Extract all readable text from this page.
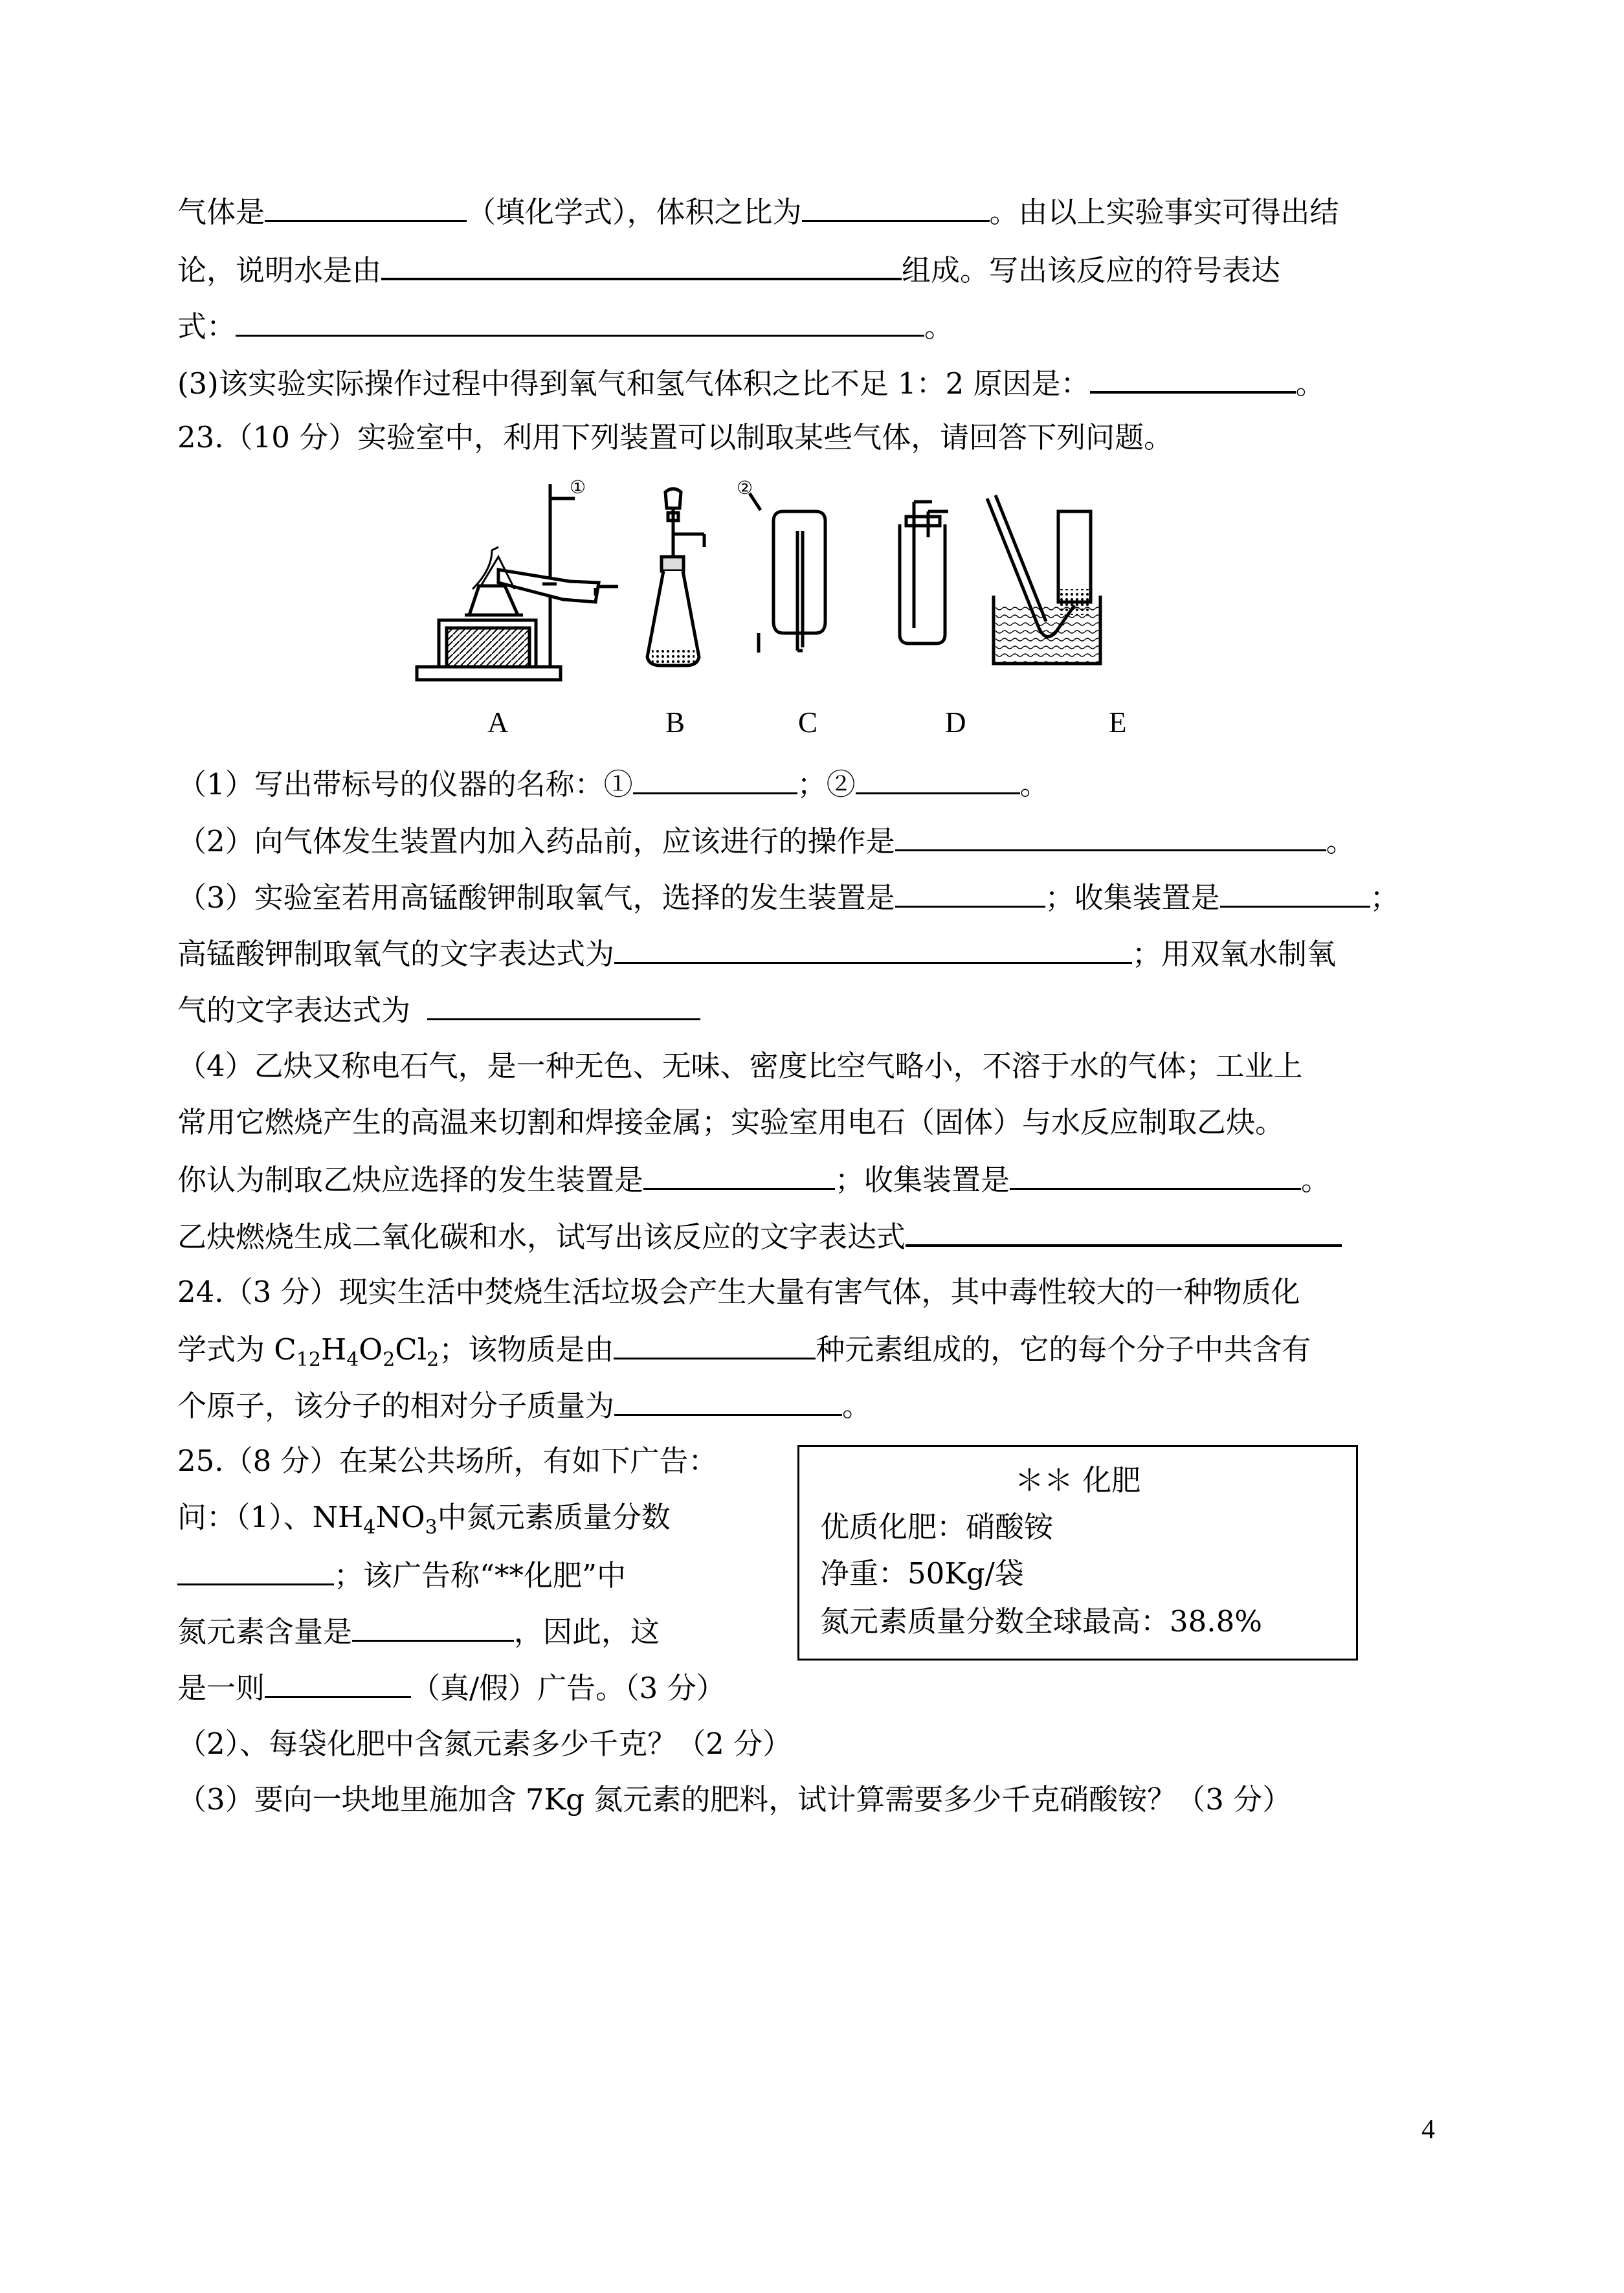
气体是	（填化学式），体积之比为	。由以上实验事实可得出结
论，说明水是由	组成。写出该反应的符号表达
式：	。
(3)该实验实际操作过程中得到氧气和氢气体积之比不足 1：2 原因是：	。
23.（10 分）实验室中，利用下列装置可以制取某些气体，请回答下列问题。
①	②
A	B	C	D	E
（1）写出带标号的仪器的名称：①	；②	。
（2）向气体发生装置内加入药品前，应该进行的操作是	。
（3）实验室若用高锰酸钾制取氧气，选择的发生装置是	；收集装置是	；
高锰酸钾制取氧气的文字表达式为	；用双氧水制氧
气的文字表达式为
（4）乙炔又称电石气，是一种无色、无味、密度比空气略小，不溶于水的气体；工业上
常用它燃烧产生的高温来切割和焊接金属；实验室用电石（固体）与水反应制取乙炔。
你认为制取乙炔应选择的发生装置是	；收集装置是	。
乙炔燃烧生成二氧化碳和水，试写出该反应的文字表达式
24.（3 分）现实生活中焚烧生活垃圾会产生大量有害气体，其中毒性较大的一种物质化
学式为 $C_{12}H_4O_2Cl_2$；该物质是由	种元素组成的，它的每个分子中共含有
个原子，该分子的相对分子质量为	。
25.（8 分）在某公共场所，有如下广告：
问：（1）、$NH_4NO_3$中氮元素质量分数
；该广告称“**化肥”中
氮元素含量是	，因此，这
是一则	（真/假）广告。（3 分）
（2）、每袋化肥中含氮元素多少千克？（2 分）
（3）要向一块地里施加含 7Kg 氮元素的肥料，试计算需要多少千克硝酸铵？（3 分）
＊＊ 化肥
优质化肥：硝酸铵
净重：50Kg/袋
氮元素质量分数全球最高：38.8%
4
